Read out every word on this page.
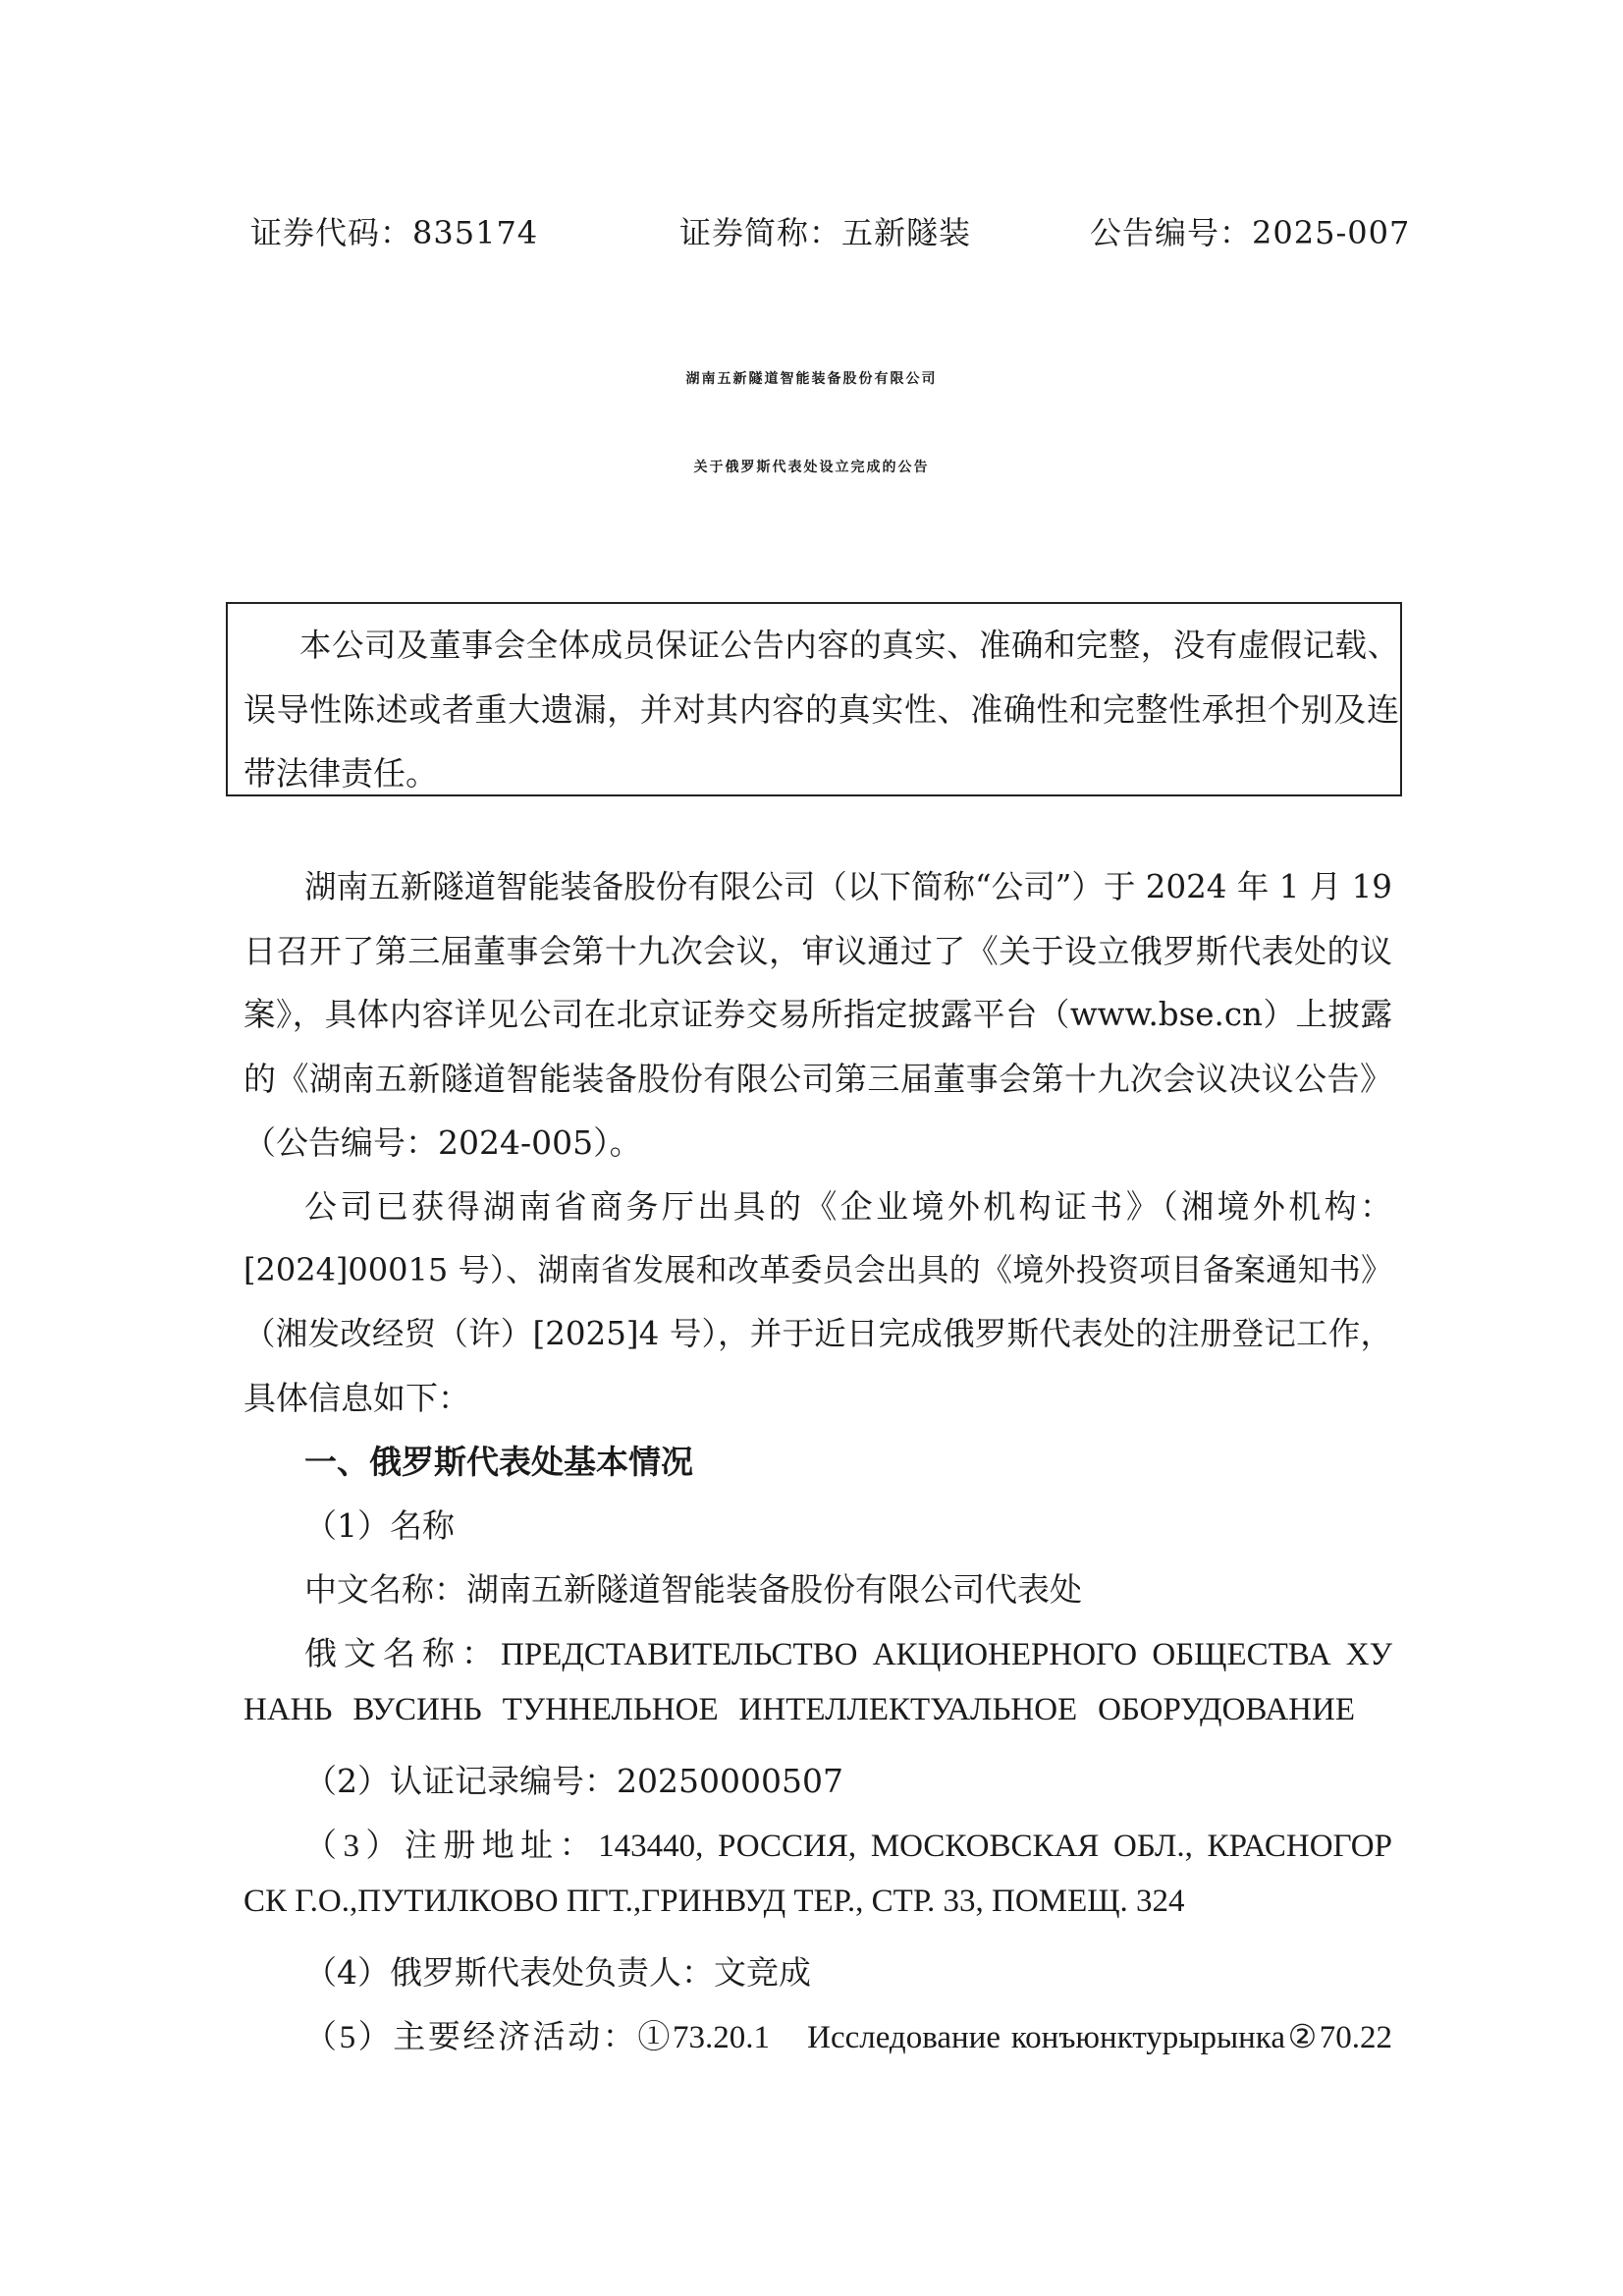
证券代码：835174	证券简称：五新隧装	公告编号：2025-007
湖南五新隧道智能装备股份有限公司
关于俄罗斯代表处设立完成的公告
本公司及董事会全体成员保证公告内容的真实、准确和完整，没有虚假记载、
误导性陈述或者重大遗漏，并对其内容的真实性、准确性和完整性承担个别及连
带法律责任。
湖南五新隧道智能装备股份有限公司（以下简称“公司”）于 2024 年 1 月 19
日召开了第三届董事会第十九次会议，审议通过了《关于设立俄罗斯代表处的议
案》，具体内容详见公司在北京证券交易所指定披露平台（www.bse.cn）上披露
的《湖南五新隧道智能装备股份有限公司第三届董事会第十九次会议决议公告》
（公告编号：2024-005）。
公司已获得湖南省商务厅出具的《企业境外机构证书》（湘境外机构：
[2024]00015 号）、湖南省发展和改革委员会出具的《境外投资项目备案通知书》
（湘发改经贸（许）[2025]4 号），并于近日完成俄罗斯代表处的注册登记工作，
具体信息如下：
一、俄罗斯代表处基本情况
（1）名称
中文名称：湖南五新隧道智能装备股份有限公司代表处
俄文名称：ПРЕДСТАВИТЕЛЬСТВО АКЦИОНЕРНОГО ОБЩЕСТВА ХУ
НАНЬ ВУСИНЬ ТУННЕЛЬНОЕ ИНТЕЛЛЕКТУАЛЬНОЕ ОБОРУДОВАНИЕ
（2）认证记录编号：20250000507
（3）注册地址：143440, РОССИЯ, МОСКОВСКАЯ ОБЛ., КРАСНОГОР
СК Г.О.,ПУТИЛКОВО ПГТ.,ГРИНВУД ТЕР., СТР. 33, ПОМЕЩ. 324
（4）俄罗斯代表处负责人：文竞成
（5）主要经济活动：①73.20.1　Исследование конъюнктурырынка②70.22
